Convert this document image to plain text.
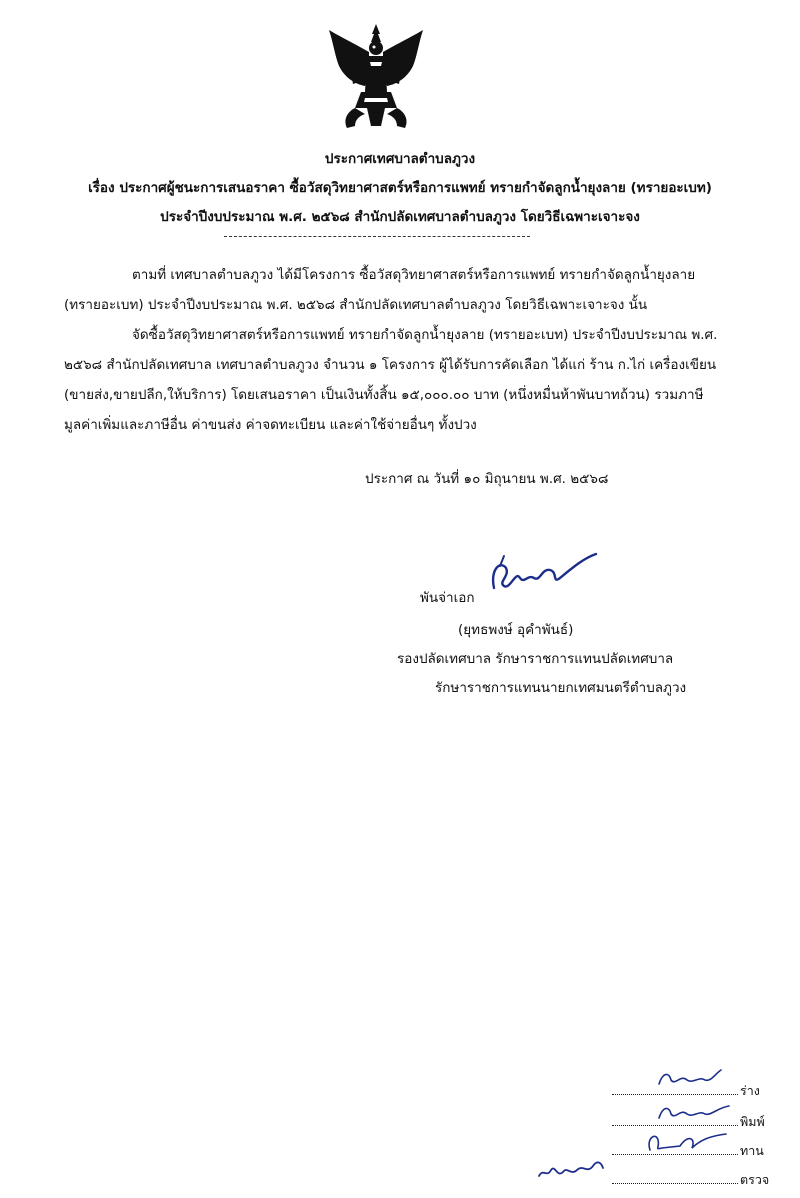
ประกาศเทศบาลตำบลภูวง
เรื่อง ประกาศผู้ชนะการเสนอราคา ซื้อวัสดุวิทยาศาสตร์หรือการแพทย์ ทรายกำจัดลูกน้ำยุงลาย (ทรายอะเบท)
ประจำปีงบประมาณ พ.ศ. ๒๕๖๘ สำนักปลัดเทศบาลตำบลภูวง โดยวิธีเฉพาะเจาะจง
ตามที่ เทศบาลตำบลภูวง ได้มีโครงการ ซื้อวัสดุวิทยาศาสตร์หรือการแพทย์ ทรายกำจัดลูกน้ำยุงลาย
(ทรายอะเบท) ประจำปีงบประมาณ พ.ศ. ๒๕๖๘ สำนักปลัดเทศบาลตำบลภูวง โดยวิธีเฉพาะเจาะจง นั้น
จัดซื้อวัสดุวิทยาศาสตร์หรือการแพทย์ ทรายกำจัดลูกน้ำยุงลาย (ทรายอะเบท) ประจำปีงบประมาณ พ.ศ.
๒๕๖๘ สำนักปลัดเทศบาล เทศบาลตำบลภูวง จำนวน ๑ โครงการ ผู้ได้รับการคัดเลือก ได้แก่ ร้าน ก.ไก่ เครื่องเขียน
(ขายส่ง,ขายปลีก,ให้บริการ) โดยเสนอราคา เป็นเงินทั้งสิ้น ๑๕,๐๐๐.๐๐ บาท (หนึ่งหมื่นห้าพันบาทถ้วน) รวมภาษี
มูลค่าเพิ่มและภาษีอื่น ค่าขนส่ง ค่าจดทะเบียน และค่าใช้จ่ายอื่นๆ ทั้งปวง
ประกาศ ณ วันที่ ๑๐ มิถุนายน พ.ศ. ๒๕๖๘
พันจ่าเอก
(ยุทธพงษ์ อุคำพันธ์)
รองปลัดเทศบาล รักษาราชการแทนปลัดเทศบาล
รักษาราชการแทนนายกเทศมนตรีตำบลภูวง
ร่าง
พิมพ์
ทาน
ตรวจ
